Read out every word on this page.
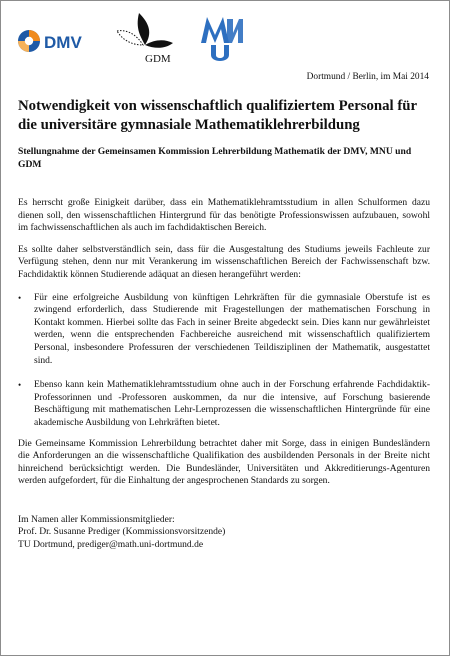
DMV
GDM
Dortmund / Berlin, im Mai 2014
Notwendigkeit von wissenschaftlich qualifiziertem Personal für die universitäre gymnasiale Mathematiklehrerbildung

Stellungnahme der Gemeinsamen Kommission Lehrerbildung Mathematik der DMV, MNU und GDM

Es herrscht große Einigkeit darüber, dass ein Mathematiklehramtsstudium in allen Schulformen dazu dienen soll, den wissenschaftlichen Hintergrund für das benötigte Professionswissen aufzubauen, sowohl im fachwissenschaftlichen als auch im fachdidaktischen Bereich.

Es sollte daher selbstverständlich sein, dass für die Ausgestaltung des Studiums jeweils Fachleute zur Verfügung stehen, denn nur mit Verankerung im wissenschaftlichen Bereich der Fachwissenschaft bzw. Fachdidaktik können Studierende adäquat an diesen herangeführt werden:

• Für eine erfolgreiche Ausbildung von künftigen Lehrkräften für die gymnasiale Oberstufe ist es zwingend erforderlich, dass Studierende mit Fragestellungen der mathematischen Forschung in Kontakt kommen. Hierbei sollte das Fach in seiner Breite abgedeckt sein. Dies kann nur gewährleistet werden, wenn die entsprechenden Fachbereiche ausreichend mit wissenschaftlich qualifiziertem Personal, insbesondere Professuren der verschiedenen Teildisziplinen der Mathematik, ausgestattet sind.
• Ebenso kann kein Mathematiklehramtsstudium ohne auch in der Forschung erfahrende Fachdidaktik-Professorinnen und -Professoren auskommen, da nur die intensive, auf Forschung basierende Beschäftigung mit mathematischen Lehr-Lernprozessen die wissenschaftlichen Hintergründe für eine akademische Ausbildung von Lehrkräften bietet.

Die Gemeinsame Kommission Lehrerbildung betrachtet daher mit Sorge, dass in einigen Bundesländern die Anforderungen an die wissenschaftliche Qualifikation des ausbildenden Personals in der Breite nicht hinreichend berücksichtigt werden. Die Bundesländer, Universitäten und Akkreditierungs-Agenturen werden aufgefordert, für die Einhaltung der angesprochenen Standards zu sorgen.

Im Namen aller Kommissionsmitglieder:
Prof. Dr. Susanne Prediger (Kommissionsvorsitzende)
TU Dortmund, prediger@math.uni-dortmund.de
